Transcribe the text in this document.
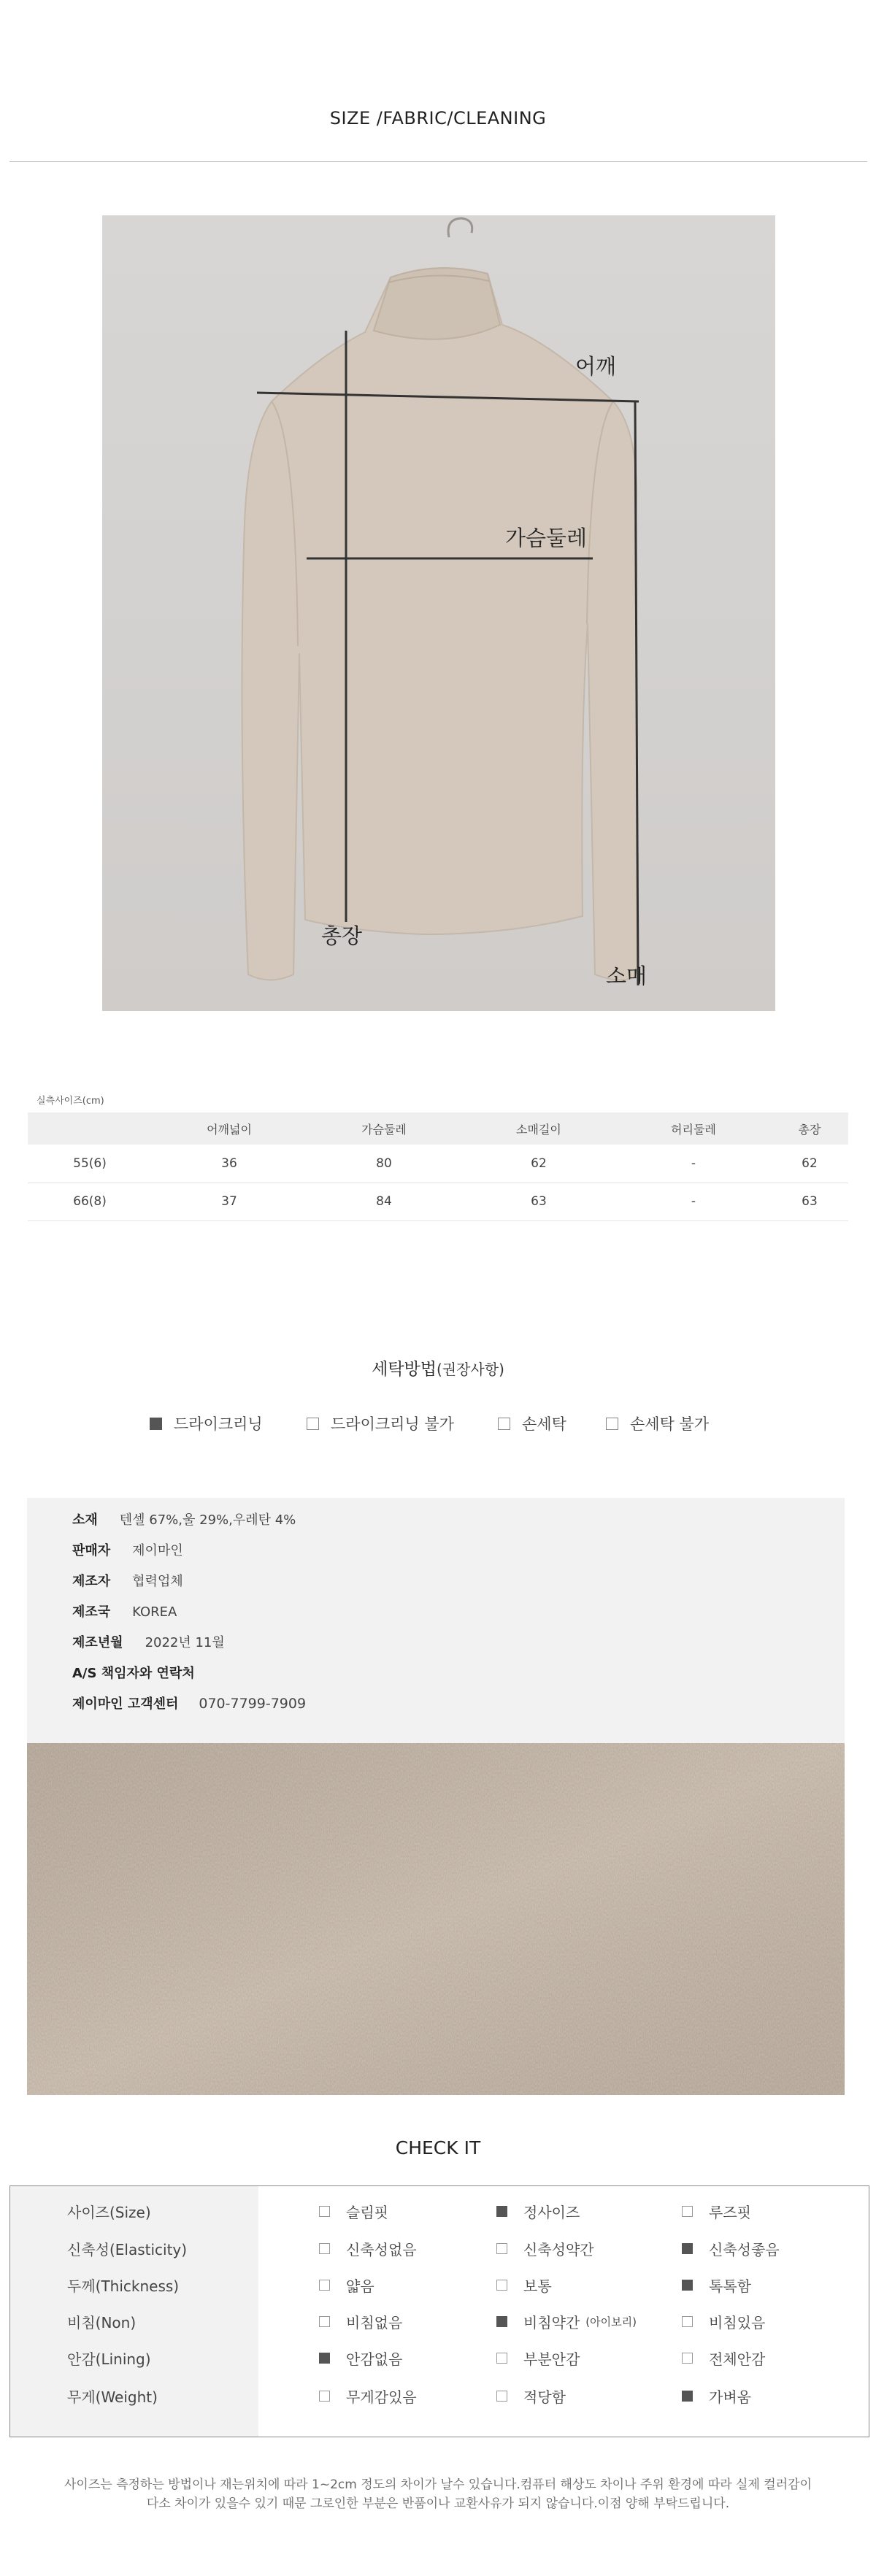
SIZE /FABRIC/CLEANING
어깨
가슴둘레
총장
소매
실측사이즈(cm)
	어깨넓이	가슴둘레	소매길이	허리둘레	총장
55(6)	36	80	62	-	62
66(8)	37	84	63	-	63
세탁방법(권장사항)
드라이크리닝	드라이크리닝 불가	손세탁	손세탁 불가
소재 텐셀 67%,울 29%,우레탄 4%
판매자 제이마인
제조자 협력업체
제조국 KOREA
제조년월 2022년 11월
A/S 책임자와 연락처
제이마인 고객센터 070-7799-7909
CHECK IT
사이즈(Size)	슬림핏	정사이즈	루즈핏
신축성(Elasticity)	신축성없음	신축성약간	신축성좋음
두께(Thickness)	얇음	보통	톡톡함
비침(Non)	비침없음	비침약간 (아이보리)	비침있음
안감(Lining)	안감없음	부분안감	전체안감
무게(Weight)	무게감있음	적당함	가벼움
사이즈는 측정하는 방법이나 재는위치에 따라 1~2cm 정도의 차이가 날수 있습니다.컴퓨터 해상도 차이나 주위 환경에 따라 실제 컬러감이
다소 차이가 있을수 있기 때문 그로인한 부분은 반품이나 교환사유가 되지 않습니다.이점 양해 부탁드립니다.
